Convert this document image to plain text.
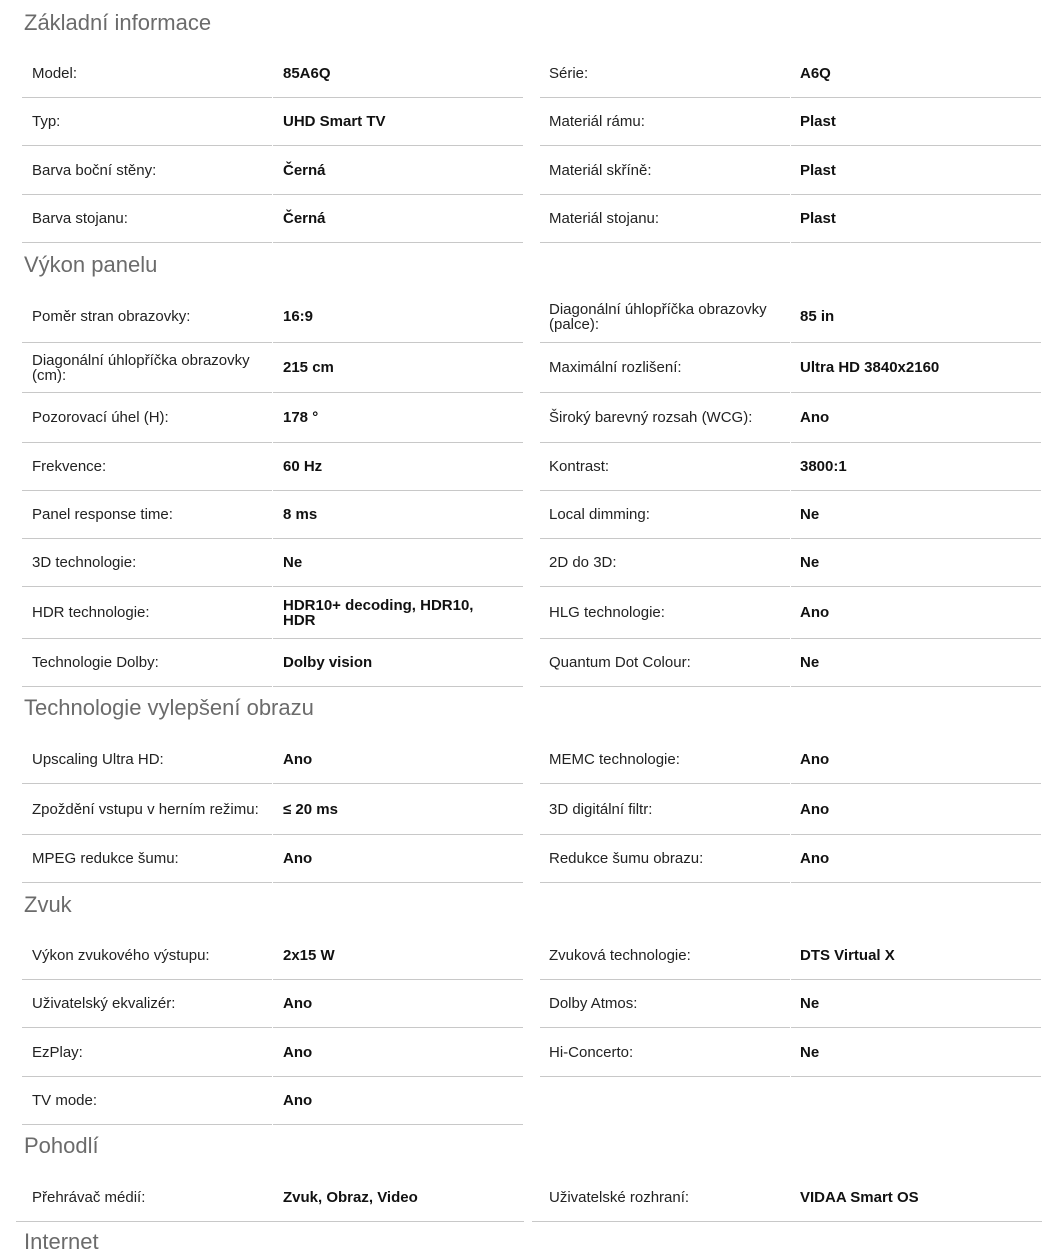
Základní informace
Model:	85A6Q	Série:	A6Q
Typ:	UHD Smart TV	Materiál rámu:	Plast
Barva boční stěny:	Černá	Materiál skříně:	Plast
Barva stojanu:	Černá	Materiál stojanu:	Plast
Výkon panelu
Poměr stran obrazovky:	16:9	Diagonální úhlopříčka obrazovky (palce):	85 in
Diagonální úhlopříčka obrazovky (cm):	215 cm	Maximální rozlišení:	Ultra HD 3840x2160
Pozorovací úhel (H):	178 °	Široký barevný rozsah (WCG):	Ano
Frekvence:	60 Hz	Kontrast:	3800:1
Panel response time:	8 ms	Local dimming:	Ne
3D technologie:	Ne	2D do 3D:	Ne
HDR technologie:	HDR10+ decoding, HDR10, HDR	HLG technologie:	Ano
Technologie Dolby:	Dolby vision	Quantum Dot Colour:	Ne
Technologie vylepšení obrazu
Upscaling Ultra HD:	Ano	MEMC technologie:	Ano
Zpoždění vstupu v herním režimu: ≤ 20 ms	3D digitální filtr:	Ano
MPEG redukce šumu:	Ano	Redukce šumu obrazu:	Ano
Zvuk
Výkon zvukového výstupu:	2x15 W	Zvuková technologie:	DTS Virtual X
Uživatelský ekvalizér:	Ano	Dolby Atmos:	Ne
EzPlay:	Ano	Hi-Concerto:	Ne
TV mode:	Ano
Pohodlí
Přehrávač médií:	Zvuk, Obraz, Video	Uživatelské rozhraní:	VIDAA Smart OS
Internet
